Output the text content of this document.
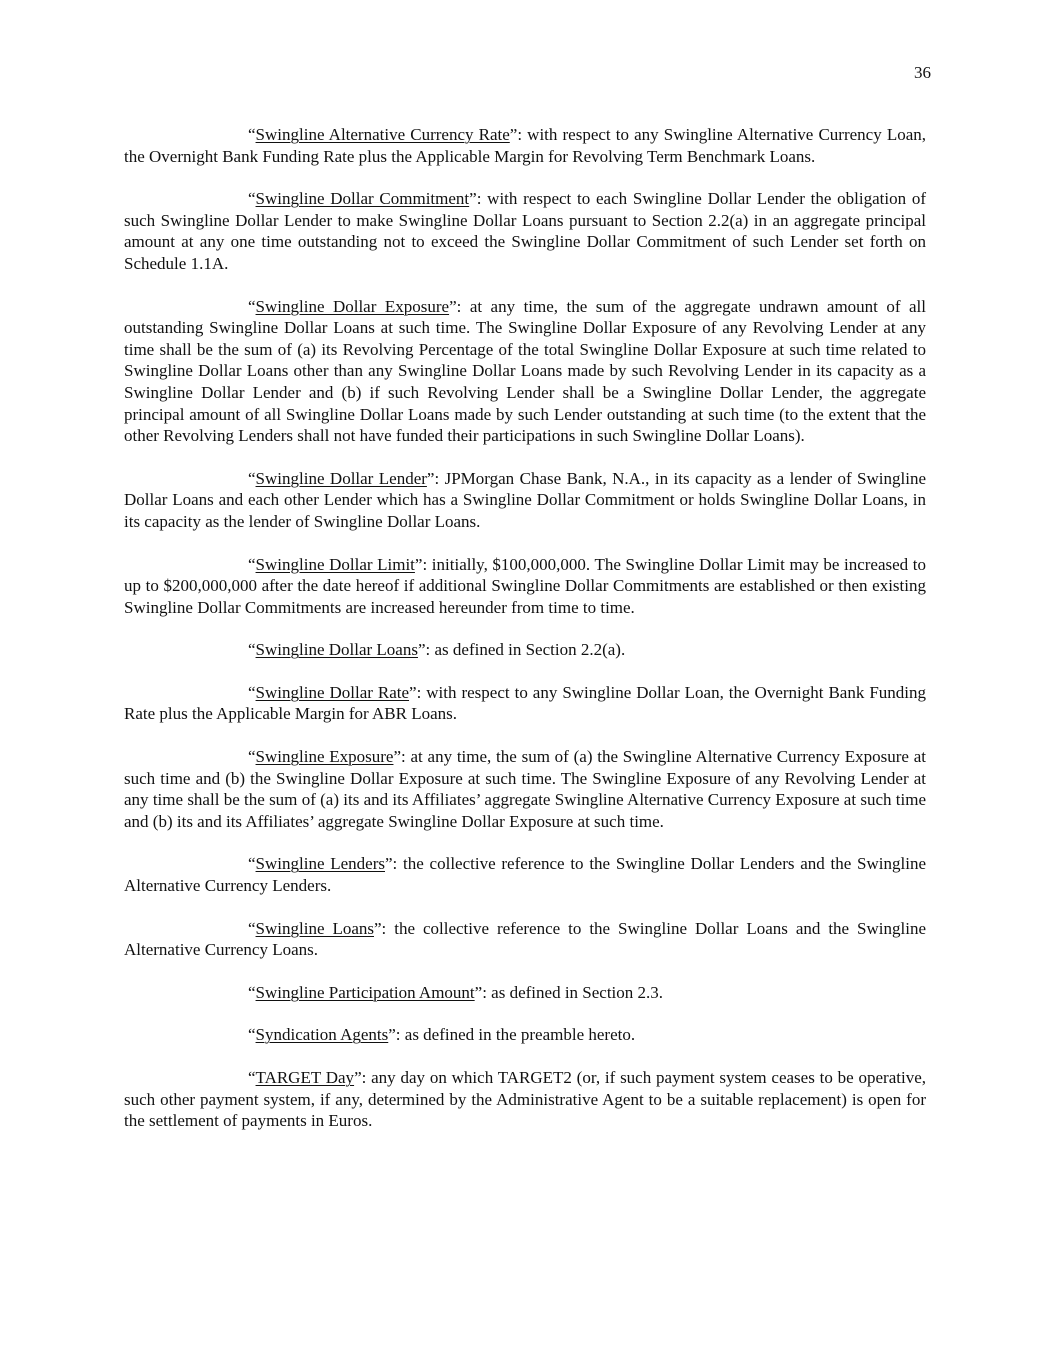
36

“Swingline Alternative Currency Rate”: with respect to any Swingline Alternative Currency Loan, the Overnight Bank Funding Rate plus the Applicable Margin for Revolving Term Benchmark Loans.

“Swingline Dollar Commitment”: with respect to each Swingline Dollar Lender the obligation of such Swingline Dollar Lender to make Swingline Dollar Loans pursuant to Section 2.2(a) in an aggregate principal amount at any one time outstanding not to exceed the Swingline Dollar Commitment of such Lender set forth on Schedule 1.1A.

“Swingline Dollar Exposure”: at any time, the sum of the aggregate undrawn amount of all outstanding Swingline Dollar Loans at such time. The Swingline Dollar Exposure of any Revolving Lender at any time shall be the sum of (a) its Revolving Percentage of the total Swingline Dollar Exposure at such time related to Swingline Dollar Loans other than any Swingline Dollar Loans made by such Revolving Lender in its capacity as a Swingline Dollar Lender and (b) if such Revolving Lender shall be a Swingline Dollar Lender, the aggregate principal amount of all Swingline Dollar Loans made by such Lender outstanding at such time (to the extent that the other Revolving Lenders shall not have funded their participations in such Swingline Dollar Loans).

“Swingline Dollar Lender”: JPMorgan Chase Bank, N.A., in its capacity as a lender of Swingline Dollar Loans and each other Lender which has a Swingline Dollar Commitment or holds Swingline Dollar Loans, in its capacity as the lender of Swingline Dollar Loans.

“Swingline Dollar Limit”: initially, $100,000,000. The Swingline Dollar Limit may be increased to up to $200,000,000 after the date hereof if additional Swingline Dollar Commitments are established or then existing Swingline Dollar Commitments are increased hereunder from time to time.

“Swingline Dollar Loans”: as defined in Section 2.2(a).

“Swingline Dollar Rate”: with respect to any Swingline Dollar Loan, the Overnight Bank Funding Rate plus the Applicable Margin for ABR Loans.

“Swingline Exposure”: at any time, the sum of (a) the Swingline Alternative Currency Exposure at such time and (b) the Swingline Dollar Exposure at such time. The Swingline Exposure of any Revolving Lender at any time shall be the sum of (a) its and its Affiliates’ aggregate Swingline Alternative Currency Exposure at such time and (b) its and its Affiliates’ aggregate Swingline Dollar Exposure at such time.

“Swingline Lenders”: the collective reference to the Swingline Dollar Lenders and the Swingline Alternative Currency Lenders.

“Swingline Loans”: the collective reference to the Swingline Dollar Loans and the Swingline Alternative Currency Loans.

“Swingline Participation Amount”: as defined in Section 2.3.

“Syndication Agents”: as defined in the preamble hereto.

“TARGET Day”: any day on which TARGET2 (or, if such payment system ceases to be operative, such other payment system, if any, determined by the Administrative Agent to be a suitable replacement) is open for the settlement of payments in Euros.
